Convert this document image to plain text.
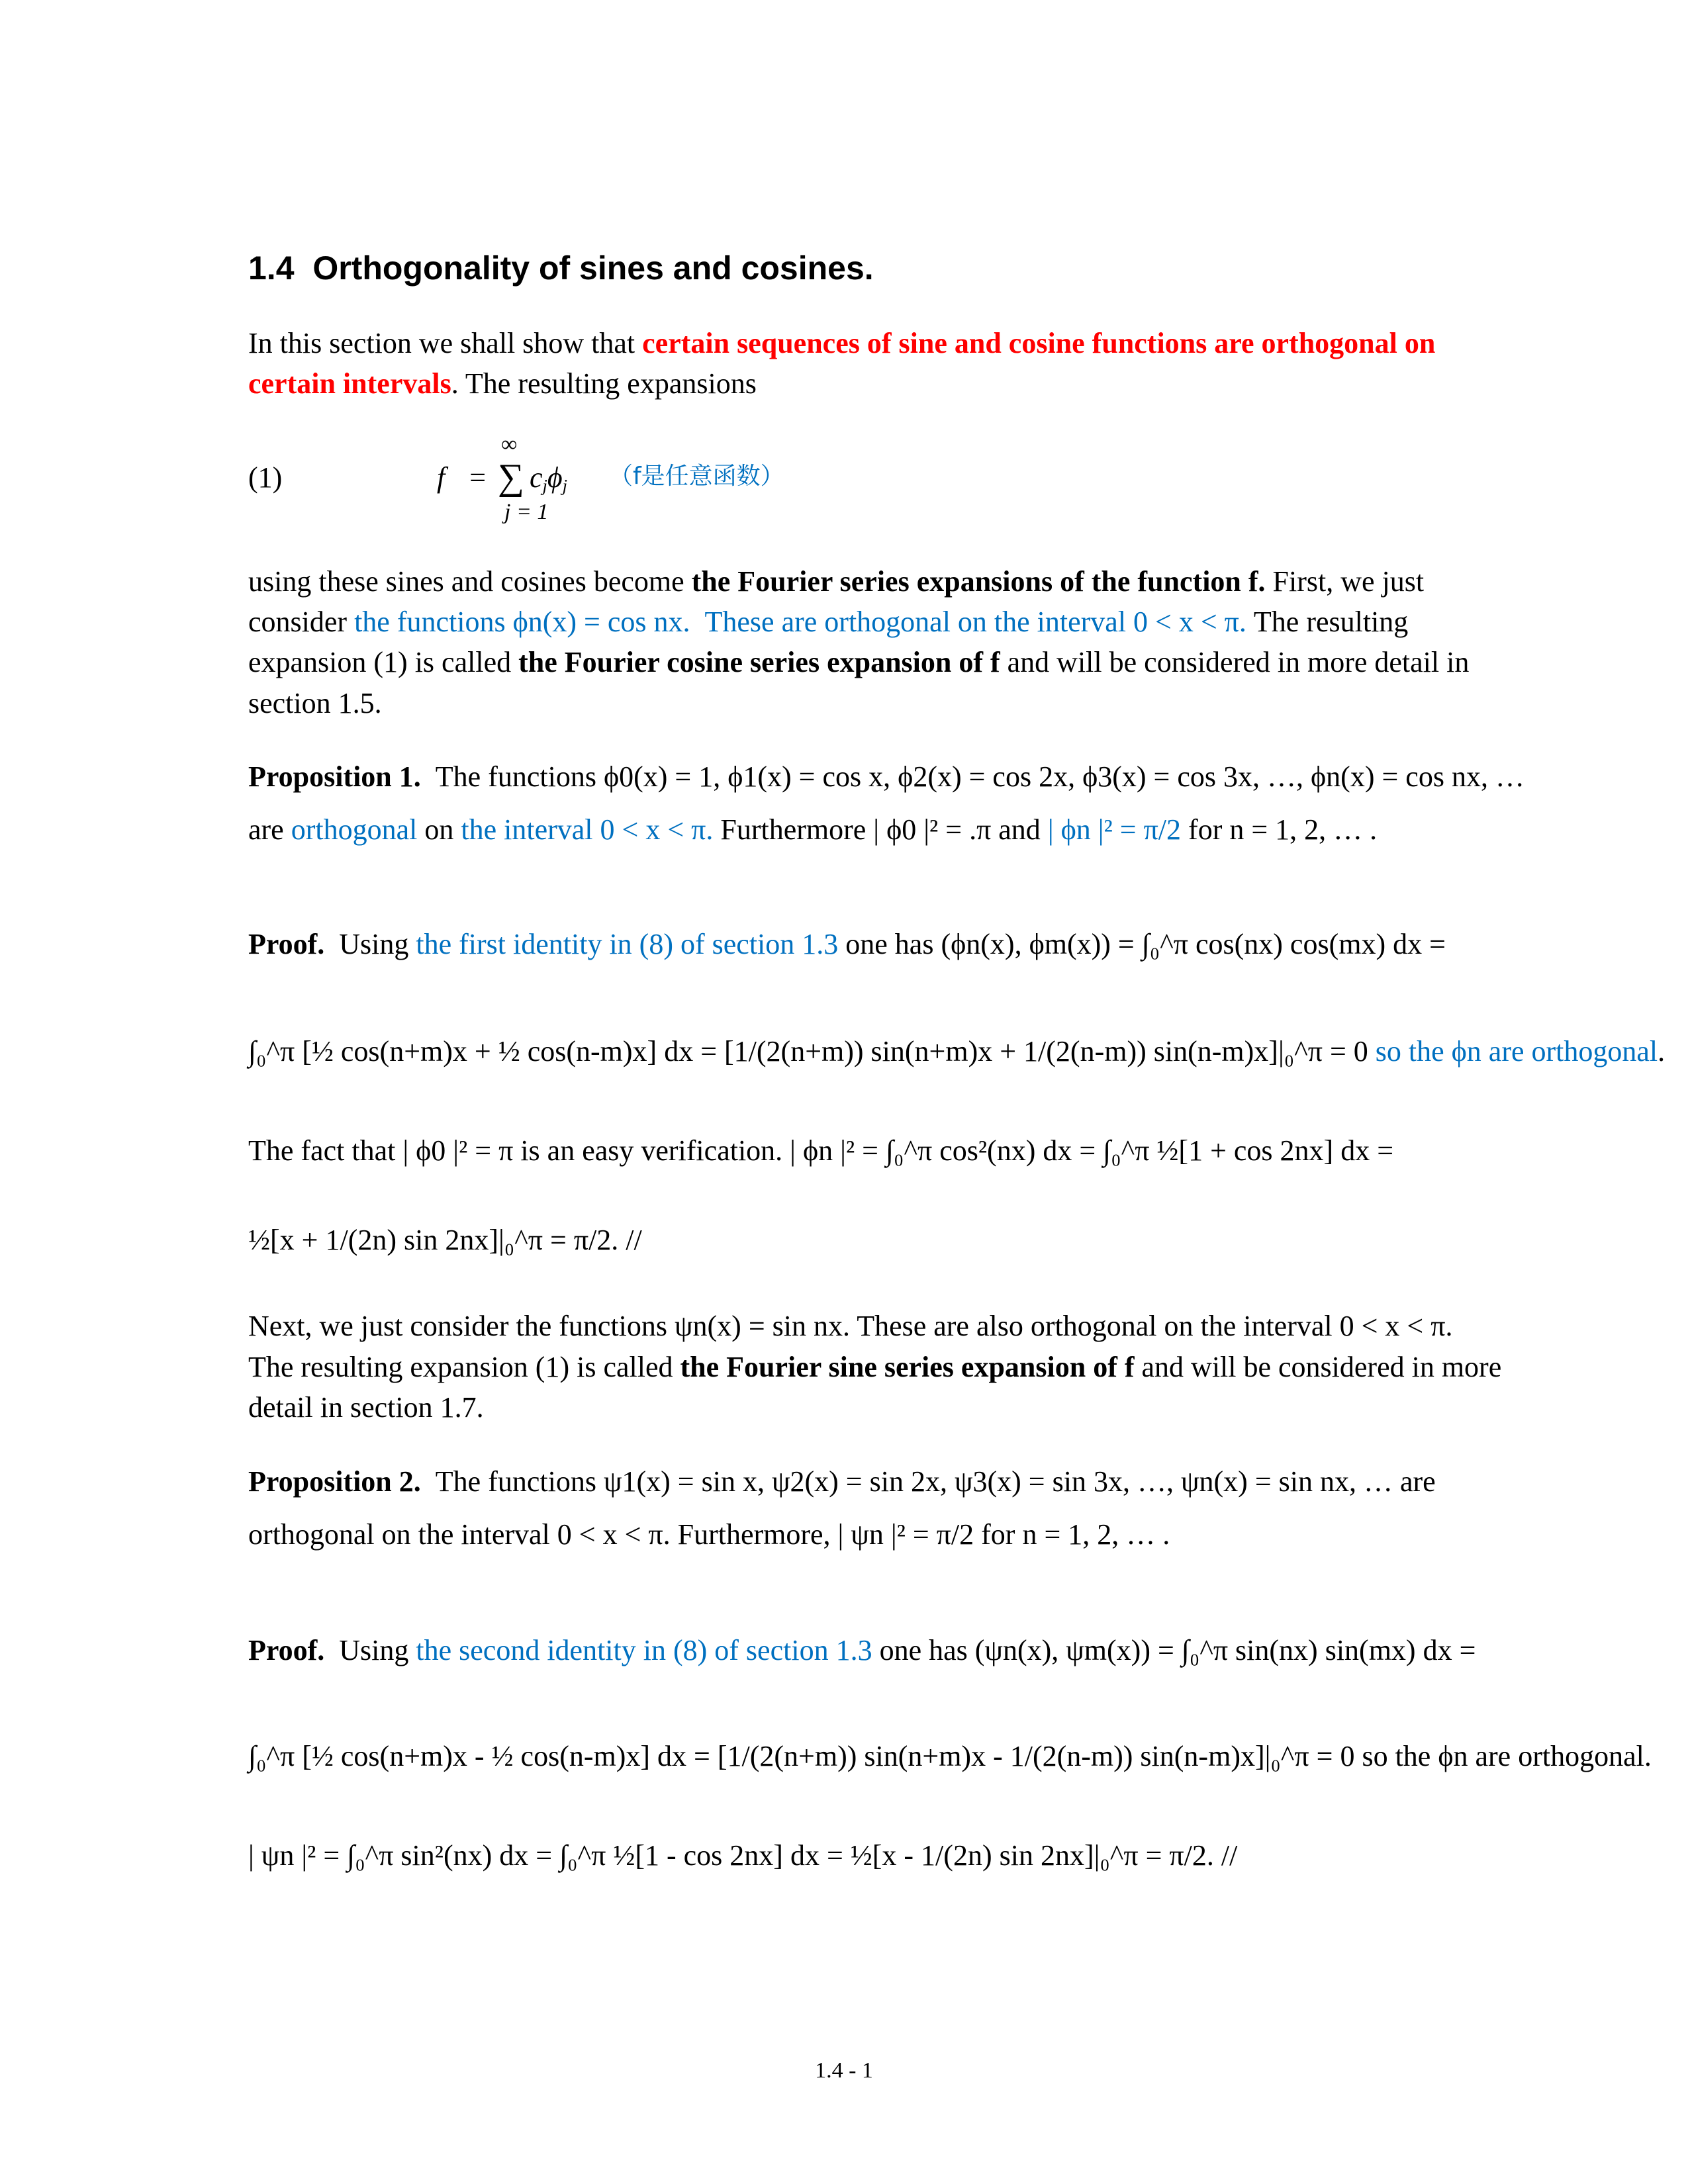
1.4 Orthogonality of sines and cosines.
In this section we shall show that certain sequences of sine and cosine functions are orthogonal on
certain intervals. The resulting expansions
(1)	f =
∞
∑ $c_j\phi_j$
j = 1
（f是任意函数）
using these sines and cosines become the Fourier series expansions of the function f. First, we just
consider the functions ϕn(x) = cos nx. These are orthogonal on the interval 0 < x < π. The resulting
expansion (1) is called the Fourier cosine series expansion of f and will be considered in more detail in
section 1.5.
Proposition 1. The functions ϕ0(x) = 1, ϕ1(x) = cos x, ϕ2(x) = cos 2x, ϕ3(x) = cos 3x, …, ϕn(x) = cos nx, …
are orthogonal on the interval 0 < x < π. Furthermore | ϕ0 |² = .π and | ϕn |² = π/2 for n = 1, 2, … .
Proof. Using the first identity in (8) of section 1.3 one has (ϕn(x), ϕm(x)) = ∫₀^π cos(nx) cos(mx) dx =
∫₀^π [½ cos(n+m)x + ½ cos(n-m)x] dx = [1/(2(n+m)) sin(n+m)x + 1/(2(n-m)) sin(n-m)x]|₀^π = 0 so the ϕn are orthogonal.
The fact that | ϕ0 |² = π is an easy verification. | ϕn |² = ∫₀^π cos²(nx) dx = ∫₀^π ½[1 + cos 2nx] dx =
½[x + 1/(2n) sin 2nx]|₀^π = π/2. //
Next, we just consider the functions ψn(x) = sin nx. These are also orthogonal on the interval 0 < x < π.
The resulting expansion (1) is called the Fourier sine series expansion of f and will be considered in more
detail in section 1.7.
Proposition 2. The functions ψ1(x) = sin x, ψ2(x) = sin 2x, ψ3(x) = sin 3x, …, ψn(x) = sin nx, … are
orthogonal on the interval 0 < x < π. Furthermore, | ψn |² = π/2 for n = 1, 2, … .
Proof. Using the second identity in (8) of section 1.3 one has (ψn(x), ψm(x)) = ∫₀^π sin(nx) sin(mx) dx =
∫₀^π [½ cos(n+m)x - ½ cos(n-m)x] dx = [1/(2(n+m)) sin(n+m)x - 1/(2(n-m)) sin(n-m)x]|₀^π = 0 so the ϕn are orthogonal.
| ψn |² = ∫₀^π sin²(nx) dx = ∫₀^π ½[1 - cos 2nx] dx = ½[x - 1/(2n) sin 2nx]|₀^π = π/2. //
1.4 - 1
